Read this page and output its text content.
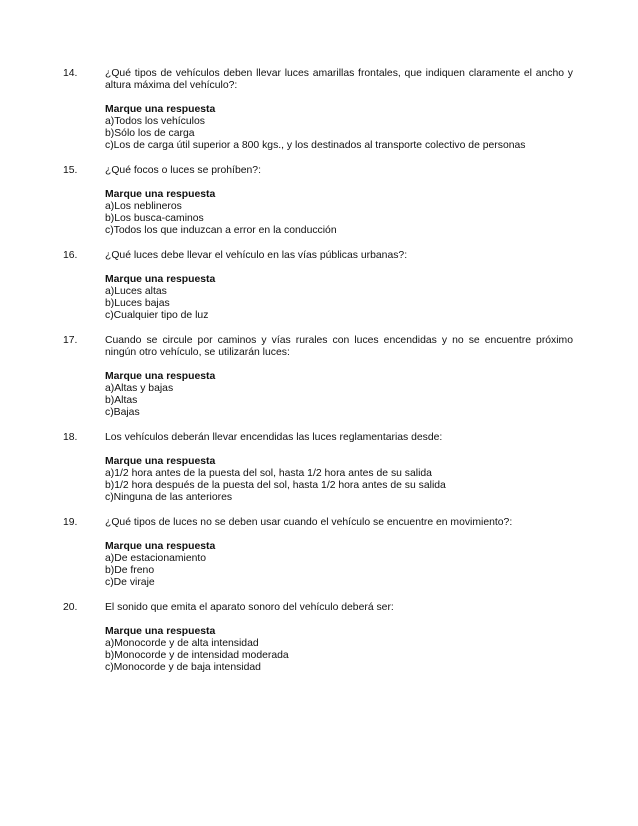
14.	¿Qué tipos de vehículos deben llevar luces amarillas frontales, que indiquen claramente el ancho y altura máxima del vehículo?:
Marque una respuesta
a)Todos los vehículos
b)Sólo los de carga
c)Los de carga útil superior a 800 kgs., y los destinados al transporte colectivo de personas
15.	¿Qué focos o luces se prohíben?:
Marque una respuesta
a)Los neblineros
b)Los busca-caminos
c)Todos los que induzcan a error en la conducción
16.	¿Qué luces debe llevar el vehículo en las vías públicas urbanas?:
Marque una respuesta
a)Luces altas
b)Luces bajas
c)Cualquier tipo de luz
17.	Cuando se circule por caminos y vías rurales con luces encendidas y no se encuentre próximo ningún otro vehículo, se utilizarán luces:
Marque una respuesta
a)Altas y bajas
b)Altas
c)Bajas
18.	Los vehículos deberán llevar encendidas las luces reglamentarias desde:
Marque una respuesta
a)1/2 hora antes de la puesta del sol, hasta 1/2 hora antes de su salida
b)1/2 hora después de la puesta del sol, hasta 1/2 hora antes de su salida
c)Ninguna de las anteriores
19.	¿Qué tipos de luces no se deben usar cuando el vehículo se encuentre en movimiento?:
Marque una respuesta
a)De estacionamiento
b)De freno
c)De viraje
20.	El sonido que emita el aparato sonoro del vehículo deberá ser:
Marque una respuesta
a)Monocorde y de alta intensidad
b)Monocorde y de intensidad moderada
c)Monocorde y de baja intensidad
